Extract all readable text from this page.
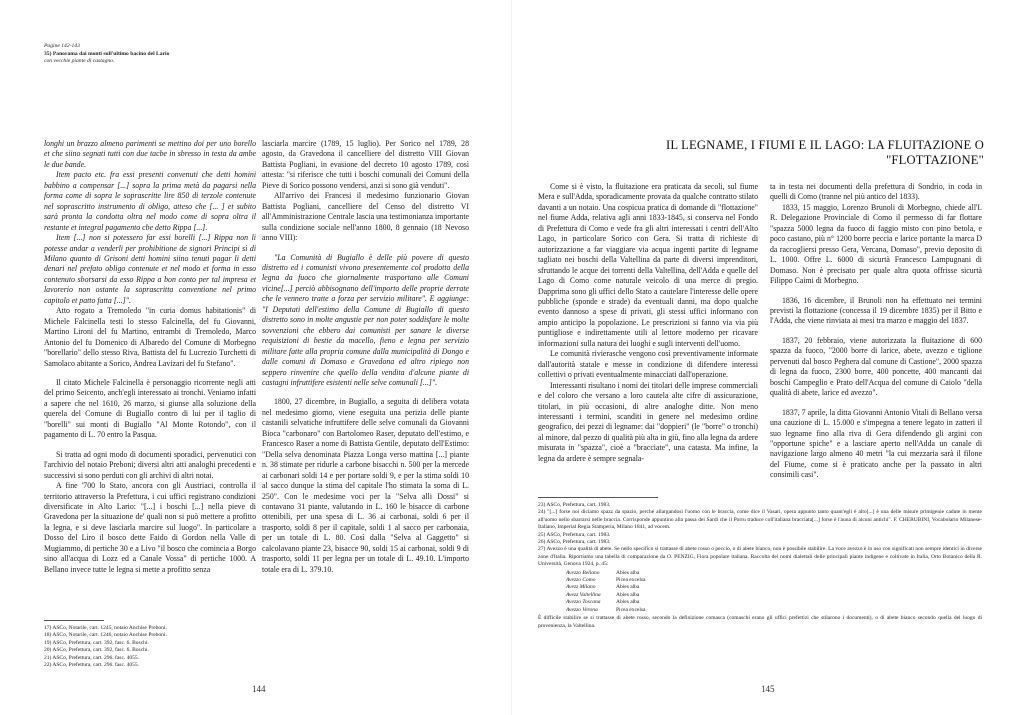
Pagine 142-143
35) Panorama dai monti sull'ultimo bacino del Lario
con vecchie piante di castagno.

longhi un brazzo almeno parimenti se mettino doi per uno borello et che siino segnati tutti con due tacbe in sbresso in testa da ambe le due bande.

Item pacto etc. fra essi presenti convenuti che detti homini babbino a compensar [...] sopra la prima metà da pagarsi nella forma come di sopra le soprascritte lire 850 di terzole contenute nel soprascritto instrumento di obligo, atteso che [... ] et subito sarà pronta la condotta oltra nel modo come di sopra oltra il restante et integral pagamento cbe detto Rippa [...].

Item [...] non si potessero far essi borelli [...] Rippa non li potesse andar a venderli per prohibitione de signori Principi sì di Milano quanto di Grisoni detti homini siino tenuti pagar li detti denari nel prefato obligo contenute et nel modo et forma in esso contenuto sborsarsi da esso Rippa a bon conto per tal impresa et lavorerio non ostante la soprascritta conventione nel primo capitolo et patto fatta [...]".

Atto rogato a Tremoledo "in curia domus habitationis" di Michele Falcinella testi lo stesso Falcinella, del fu Giovanni, Martino Lironi del fu Martino, entrambi di Tremoledo, Marco Antonio del fu Domenico di Albaredo del Comune di Morbegno "borellario" dello stesso Riva, Battista del fu Lucrezio Turchetti di Samolaco abitante a Sorico, Andrea Lavizari del fu Stefano".

Il citato Michele Falcinella è personaggio ricorrente negli atti del primo Seicento, anch'egli interessato ai tronchi. Veniamo infatti a sapere che nel 1610, 26 marzo, si giunse alla soluzione della querela del Comune di Bugiallo contro di lui per il taglio di "borelli" sui monti di Bugiallo "Al Monte Rotondo", con il pagamento di L. 70 entro la Pasqua.

Si tratta ad ogni modo di documenti sporadici, pervenutici con l'archivio del notaio Preboni; diversi altri atti analoghi precedenti e successivi si sono perduti con gli archivi di altri notai.

A fine '700 lo Stato, ancora con gli Austriaci, controlla il territorio attraverso la Prefettura, i cui uffici registrano condizioni diversificate in Alto Lario: "[...] i boschi [...] nella pieve di Gravedona per la situazione de' quali non si può mettere a profitto la legna, e si deve lasciarla marcire sul luogo". In particolare a Dosso del Liro il bosco dette Faido di Gordon nella Valle di Mugiammo, di pertiche 30 e a Livo "il bosco che comincia a Borgo sino all'acqua di Lozz ed a Canale Vossa" di pertiche 1000. A Bellano invece tutte le legna si mette a profitto senza

lasciarla marcire (1789, 15 luglio). Per Sorico nel 1789, 28 agosto, da Gravedona il cancelliere del distretto VIII Giovan Battista Pogliani, in evasione del decreto 10 agosto 1789, così attesta: "si riferisce che tutti i boschi comunali dei Comuni della Pieve di Sorico possono vendersi, anzi si sono già venduti".

All'arrivo dei Francesi il medesimo funzionario Giovan Battista Pogliani, cancelliere del Censo del distretto VI all'Amministrazione Centrale lascia una testimonianza importante sulla condizione sociale nell'anno 1800, 8 gennaio (18 Nevoso anno VIII):

"La Comunità di Bugiallo è delle più povere di questo distretto ed i comunisti vivono presentemente col prodotto della legna da fuoco che giornalmente trasportano alle Comuni vicine[...] perciò abbisognano dell'importo delle proprie derrate che le vennero tratte a forza per servizio militare". E aggiunge: "I Deputati dell'estimo della Comune di Bugiallo di questo distretto sono in molte angustie per non poter soddisfare le molte sovvenzioni che ebbero dai comunisti per sanare le diverse requisizioni di bestie da macello, fieno e legna per servizio militare fatte alla propria comune dalla municipalità di Dongo e dalle comuni di Domaso e Gravedona ed altro ripiego non seppero rinvenire che quello della vendita d'alcune piante di castagni infruttifere esistenti nelle selve comunali [...]".

1800, 27 dicembre, in Bugiallo, a seguita di delibera votata nel medesimo giorno, viene eseguita una perizia delle piante castanili selvatiche infruttifere delle selve comunali da Giovanni Bioca "carbonaro" con Bartolomeo Raser, deputato dell'estimo, e Francesco Raser a nome di Battista Gentile, deputato dell'Estimo: "Della selva denominata Piazza Longa verso mattina [...] piante n. 38 stimate per ridurle a carbone bisacchi n. 500 per la mercede ai carbonari soldi 14 e per portare soldi 9, e per la stima soldi 10 al sacco dunque la stima del capitale l'ho stimata la soma di L. 250". Con le medesime voci per la "Selva alli Dossi" si contavano 31 piante, valutando in L. 160 le bisacce di carbone ottenibili, per una spesa di L. 36 ai carbonai, soldi 6 per il trasporto, soldi 8 per il capitale, soldi 1 al sacco per carbonaia, per un totale di L. 80. Così dalla "Selva al Gaggetto" si calcolavano piante 23, bisacce 90, soldi 15 ai carbonai, soldi 9 di trasporto, soldi 11 per legna per un totale di L. 49.10. L'importo totale era di L. 379.10.

17) ASCo, Notarile, cart. 1245, notaio Anchise Preboni.

18) ASCo, Notarile, cart. 1246, notaio Anchise Preboni.

19) ASCo, Prefettura, cart. 392, fasc. 6. Boschi.

20) ASCo, Prefettura, cart. 392, fasc. 6. Boschi.

21) ASCo, Prefettura, cart. 296. fasc. 4055.

22) ASCo, Prefettura, cart. 296. fasc. 4055.

144
IL LEGNAME, I FIUMI E IL LAGO: LA FLUITAZIONE O "FLOTTAZIONE"

Come si è visto, la fluitazione era praticata da secoli, sul fiume Mera e sull'Adda, sporadicamente provata da qualche contratto stilato davanti a un notaio. Una cospicua pratica di domande di "flottazione" nel fiume Adda, relativa agli anni 1833-1845, si conserva nel Fondo di Prefettura di Como e vede fra gli altri interessati i centri dell'Alto Lago, in particolare Sorico con Gera. Si tratta di richieste di autorizzazione a far viaggiare via acqua ingenti partite di legname tagliato nei boschi della Valtellina da parte di diversi imprenditori, sfruttando le acque dei torrenti della Valtellina, dell'Adda e quelle del Lago di Como come naturale veicolo di una merce di pregio. Dapprima sono gli uffici dello Stato a cautelare l'interesse delle opere pubbliche (sponde e strade) da eventuali danni, ma dopo qualche evento dannoso a spese di privati, gli stessi uffici informano con ampio anticipo la popolazione. Le prescrizioni si fanno via via più puntigliose e indirettamente utili al lettore moderno per ricavare informazioni sulla natura dei luoghi e sugli interventi dell'uomo.

Le comunità rivierasche vengono così preventivamente informate dall'autorità statale e messe in condizione di difendere interessi collettivi o privati eventualmente minacciati dall'operazione.

Interessanti risultano i nomi dei titolari delle imprese commerciali e del coloro che versano a loro cautela alte cifre di assicurazione, titolari, in più occasioni, di altre analoghe ditte. Non meno interessanti i termini, scanditi in genere nel medesimo ordine geografico, dei pezzi di legname: dai "doppieri" (le "borre" o tronchi) al minore, dal pezzo di qualità più alta in giù, fino alla legna da ardere misurata in "spazza", cioè a "bracciate", una catasta. Ma infine, la legna da ardere è sempre segnala-

ta in testa nei documenti della prefettura di Sondrio, in coda in quelli di Como (tranne nel più antico del 1833).

1833, 15 maggio, Lorenzo Brunoli di Morbegno, chiede all'I. R. Delegazione Provinciale di Como il permesso di far flottare "spazza 5000 legna da fuoco di faggio misto con pino betola, e poco castano, più n° 1200 borre peccia e larice portante la marca D da raccogliersi presso Gera, Vercana, Domaso", previo deposito di L. 1000. Offre L. 6000 di sicurtà Francesco Lampugnani di Domaso. Non è precisato per quale altra quota offrisse sicurtà Filippo Caimi di Morbegno.

1836, 16 dicembre, il Brunoli non ha effettuato nei termini previsti la flottazione (concessa il 19 dicembre 1835) per il Bitto e l'Adda, che viene rinviata ai mesi tra marzo e maggio del 1837.

1837, 20 febbraio, viene autorizzata la fluitazione di 600 spazza da fuoco, "2000 borre di larice, abete, avezzo e tiglione pervenuti dal bosco Peghera dal comune di Castione", 2000 spazza di legna da fuoco, 2300 borre, 400 poncette, 400 mancanti dai boschi Campeglio e Prato dell'Acqua del comune di Caiolo "della qualità di abete, larice ed avezzo".

1837, 7 aprile, la ditta Giovanni Antonio Vitali di Bellano versa una cauzione di L. 15.000 e s'impegna a tenere legato in zatteri il suo legname fino alla riva di Gera difendendo gli argini con "opportune spiche" e a lasciare aperto nell'Adda un canale di navigazione largo almeno 40 metri "la cui mezzaria sarà il filone del Fiume, come si è praticato anche per la passato in altri consimili casi".

23) ASCo, Prefettura, cart. 1983.

24) "[...] forse noi diciamo spazz da spazio, perché allargandosi l'uomo con le braccia, come dice il Vasari, opera appunto tanto quant'egli è alto[...] è una delle misure primigenie cadute in mente all'uomo nello sbarrarsi nelle braccia. Corrisponde appuntino alla passa dei Sardi che il Porru traduce coll'italiana bracciata[...] forse è l'auna di alcuni antichi". F. CHERUBINI, Vocabolario Milanese-Italiano, Imperial Regia Stamperia, Milano 1841, ad vocem.

25) ASCo, Prefettura, cart. 1983.

26) ASCo, Prefettura, cart. 1983.

27) Avezzo è una qualità di abete. Se nello specifico si trattasse di abete rosso o peccio, o di abete bianco, non è possibile stabilire. La voce avezzo è in uso con significati non sempre identici in diverse zone d'Italia. Riportiamo una tabella di comparazione da O. PENZIG, Flora popolare italiana. Raccolta dei nomi dialettali delle principali piante indigene e coltivate in Italia, Orto Botanico della R. Università, Genova 1924, p. 45:

Avezzo Bellano	Abies alba
Avezzo Como	Picea excelsa
Avezz Milano	Abies alba
Avezz Valtellina	Abies alba
Avezzo Toscana	Abies alba
Avezzo Verona	Picea excelsa

È difficile stabilire se si trattasse di abete rosso, secondo la definizione comasca (comaschi erano gli uffici prefettizi che stilarono i documenti), o di abete bianco secondo quella del luogo di provenienza, la Valtellina.

145
